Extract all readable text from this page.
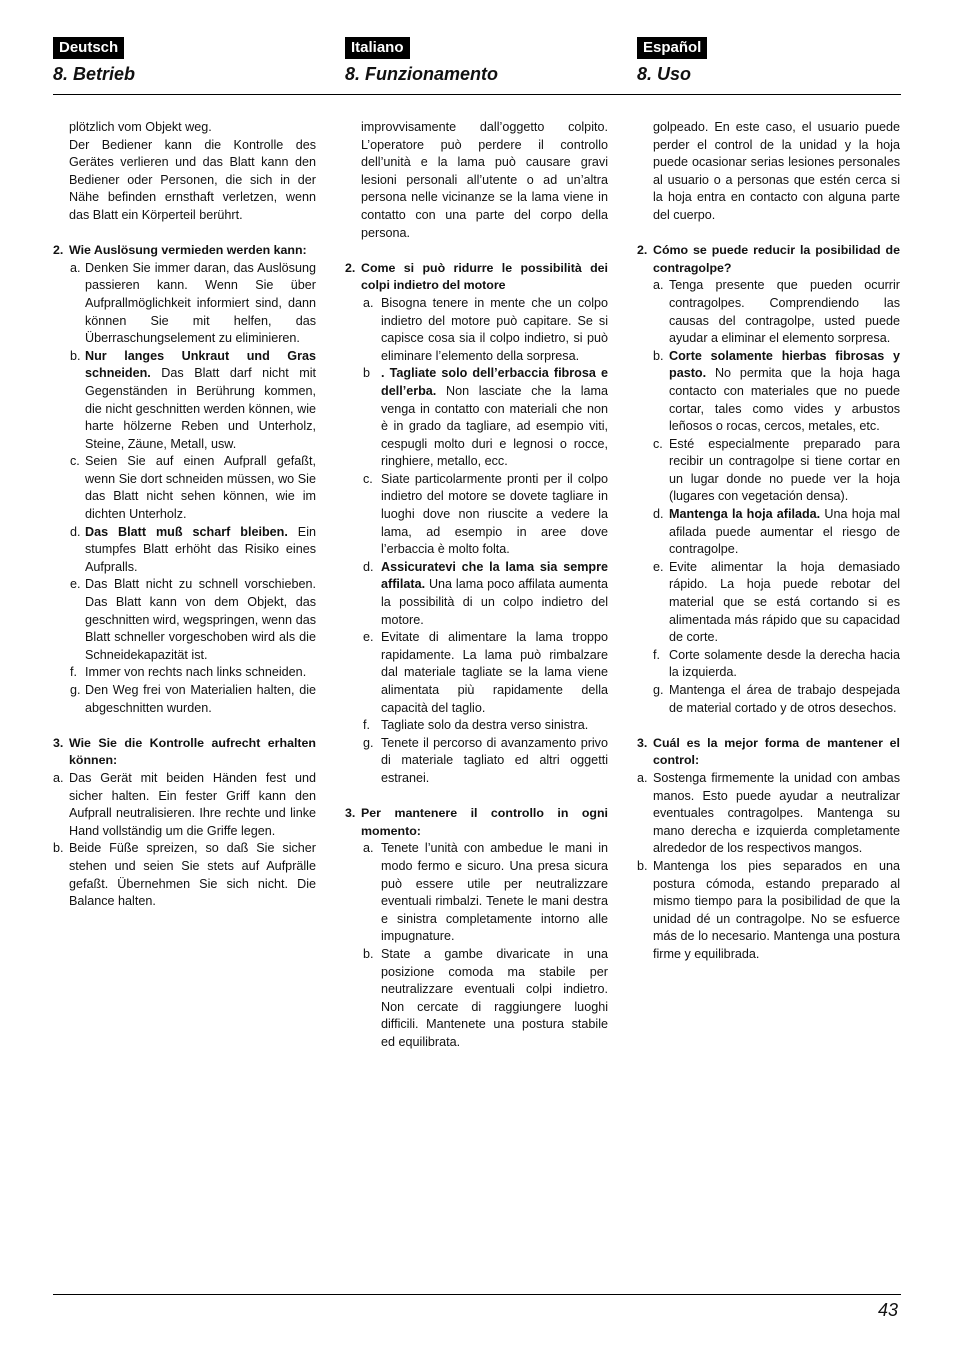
Deutsch
8. Betrieb
Italiano
8. Funzionamento
Español
8. Uso

plötzlich vom Objekt weg.

Der Bediener kann die Kontrolle des Gerätes verlieren und das Blatt kann den Bediener oder Personen, die sich in der Nähe befinden ernsthaft verletzen, wenn das Blatt ein Körperteil berührt.

2. Wie Auslösung vermieden werden kann:
a. Denken Sie immer daran, das Auslösung passieren kann. Wenn Sie über Aufprallmöglichkeit informiert sind, dann können Sie mit helfen, das Überraschungselement zu eliminieren.
b. Nur langes Unkraut und Gras schneiden. Das Blatt darf nicht mit Gegenständen in Berührung kommen, die nicht geschnitten werden können, wie harte hölzerne Reben und Unterholz, Steine, Zäune, Metall, usw.
c. Seien Sie auf einen Aufprall gefaßt, wenn Sie dort schneiden müssen, wo Sie das Blatt nicht sehen können, wie im dichten Unterholz.
d. Das Blatt muß scharf bleiben. Ein stumpfes Blatt erhöht das Risiko eines Aufpralls.
e. Das Blatt nicht zu schnell vorschieben. Das Blatt kann von dem Objekt, das geschnitten wird, wegspringen, wenn das Blatt schneller vorgeschoben wird als die Schneidekapazität ist.
f. Immer von rechts nach links schneiden.
g. Den Weg frei von Materialien halten, die abgeschnitten wurden.
3. Wie Sie die Kontrolle aufrecht erhalten können:
a. Das Gerät mit beiden Händen fest und sicher halten. Ein fester Griff kann den Aufprall neutralisieren. Ihre rechte und linke Hand vollständig um die Griffe legen.
b. Beide Füße spreizen, so daß Sie sicher stehen und seien Sie stets auf Aufprälle gefaßt. Übernehmen Sie sich nicht. Die Balance halten.

improvvisamente dall’oggetto colpito. L’operatore può perdere il controllo dell’unità e la lama può causare gravi lesioni personali all’utente o ad un’altra persona nelle vicinanze se la lama viene in contatto con una parte del corpo della persona.

2. Come si può ridurre le possibilità dei colpi indietro del motore
a. Bisogna tenere in mente che un colpo indietro del motore può capitare. Se si capisce cosa sia il colpo indietro, si può eliminare l’elemento della sorpresa.
b . Tagliate solo dell’erbaccia fibrosa e dell’erba. Non lasciate che la lama venga in contatto con materiali che non è in grado da tagliare, ad esempio viti, cespugli molto duri e legnosi o rocce, ringhiere, metallo, ecc.
c. Siate particolarmente pronti per il colpo indietro del motore se dovete tagliare in luoghi dove non riuscite a vedere la lama, ad esempio in aree dove l’erbaccia è molto folta.
d. Assicuratevi che la lama sia sempre affilata. Una lama poco affilata aumenta la possibilità di un colpo indietro del motore.
e. Evitate di alimentare la lama troppo rapidamente. La lama può rimbalzare dal materiale tagliate se la lama viene alimentata più rapidamente della capacità del taglio.
f. Tagliate solo da destra verso sinistra.
g. Tenete il percorso di avanzamento privo di materiale tagliato ed altri oggetti estranei.
3. Per mantenere il controllo in ogni momento:
a. Tenete l’unità con ambedue le mani in modo fermo e sicuro. Una presa sicura può essere utile per neutralizzare eventuali rimbalzi. Tenete le mani destra e sinistra completamente intorno alle impugnature.
b. State a gambe divaricate in una posizione comoda ma stabile per neutralizzare eventuali colpi indietro. Non cercate di raggiungere luoghi difficili. Mantenete una postura stabile ed equilibrata.

golpeado. En este caso, el usuario puede perder el control de la unidad y la hoja puede ocasionar serias lesiones personales al usuario o a personas que estén cerca si la hoja entra en contacto con alguna parte del cuerpo.

2. Cómo se puede reducir la posibilidad de contragolpe?
a. Tenga presente que pueden ocurrir contragolpes. Comprendiendo las causas del contragolpe, usted puede ayudar a eliminar el elemento sorpresa.
b. Corte solamente hierbas fibrosas y pasto. No permita que la hoja haga contacto con materiales que no puede cortar, tales como vides y arbustos leñosos o rocas, cercos, metales, etc.
c. Esté especialmente preparado para recibir un contragolpe si tiene cortar en un lugar donde no puede ver la hoja (lugares con vegetación densa).
d. Mantenga la hoja afilada. Una hoja mal afilada puede aumentar el riesgo de contragolpe.
e. Evite alimentar la hoja demasiado rápido. La hoja puede rebotar del material que se está cortando si es alimentada más rápido que su capacidad de corte.
f. Corte solamente desde la derecha hacia la izquierda.
g. Mantenga el área de trabajo despejada de material cortado y de otros desechos.
3. Cuál es la mejor forma de mantener el control:
a. Sostenga firmemente la unidad con ambas manos. Esto puede ayudar a neutralizar eventuales contragolpes. Mantenga su mano derecha e izquierda completamente alrededor de los respectivos mangos.
b. Mantenga los pies separados en una postura cómoda, estando preparado al mismo tiempo para la posibilidad de que la unidad dé un contragolpe. No se esfuerce más de lo necesario. Mantenga una postura firme y equilibrada.
43
